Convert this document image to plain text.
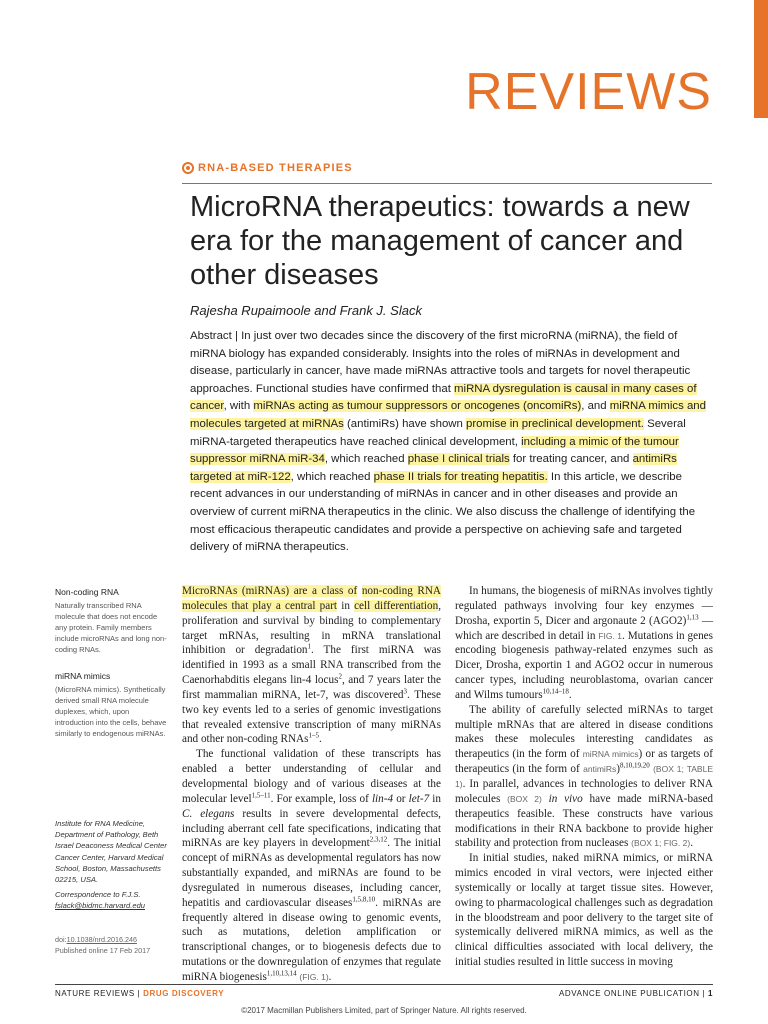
REVIEWS
RNA-BASED THERAPIES
MicroRNA therapeutics: towards a new era for the management of cancer and other diseases
Rajesha Rupaimoole and Frank J. Slack
Abstract | In just over two decades since the discovery of the first microRNA (miRNA), the field of miRNA biology has expanded considerably. Insights into the roles of miRNAs in development and disease, particularly in cancer, have made miRNAs attractive tools and targets for novel therapeutic approaches. Functional studies have confirmed that miRNA dysregulation is causal in many cases of cancer, with miRNAs acting as tumour suppressors or oncogenes (oncomiRs), and miRNA mimics and molecules targeted at miRNAs (antimiRs) have shown promise in preclinical development. Several miRNA-targeted therapeutics have reached clinical development, including a mimic of the tumour suppressor miRNA miR-34, which reached phase I clinical trials for treating cancer, and antimiRs targeted at miR-122, which reached phase II trials for treating hepatitis. In this article, we describe recent advances in our understanding of miRNAs in cancer and in other diseases and provide an overview of current miRNA therapeutics in the clinic. We also discuss the challenge of identifying the most efficacious therapeutic candidates and provide a perspective on achieving safe and targeted delivery of miRNA therapeutics.
Non-coding RNA
Naturally transcribed RNA molecule that does not encode any protein. Family members include microRNAs and long non-coding RNAs.
miRNA mimics
(MicroRNA mimics). Synthetically derived small RNA molecule duplexes, which, upon introduction into the cells, behave similarly to endogenous miRNAs.
Institute for RNA Medicine, Department of Pathology, Beth Israel Deaconess Medical Center Cancer Center, Harvard Medical School, Boston, Massachusetts 02215, USA.
Correspondence to F.J.S.
fslack@bidmc.harvard.edu
doi:10.1038/nrd.2016.246
Published online 17 Feb 2017

MicroRNAs (miRNAs) are a class of non-coding RNA molecules that play a central part in cell differentiation, proliferation and survival by binding to complementary target mRNAs, resulting in mRNA translational inhibition or degradation$^1$. The first miRNA was identified in 1993 as a small RNA transcribed from the Caenorhabditis elegans lin-4 locus$^2$, and 7 years later the first mammalian miRNA, let-7, was discovered$^3$. These two key events led to a series of genomic investigations that revealed extensive transcription of many miRNAs and other non-coding RNAs$^{1-5}$.

The functional validation of these transcripts has enabled a better understanding of cellular and developmental biology and of various diseases at the molecular level$^{1,5-11}$. For example, loss of lin-4 or let-7 in C. elegans results in severe developmental defects, including aberrant cell fate specifications, indicating that miRNAs are key players in development$^{2,3,12}$. The initial concept of miRNAs as developmental regulators has now substantially expanded, and miRNAs are found to be dysregulated in numerous diseases, including cancer, hepatitis and cardiovascular diseases$^{1,5,8,10}$. miRNAs are frequently altered in disease owing to genomic events, such as mutations, deletion amplification or transcriptional changes, or to biogenesis defects due to mutations or the downregulation of enzymes that regulate miRNA biogenesis$^{1,10,13,14}$ (FIG. 1).

In humans, the biogenesis of miRNAs involves tightly regulated pathways involving four key enzymes — Drosha, exportin 5, Dicer and argonaute 2 $(AGO2)^{1,13}$ — which are described in detail in FIG. 1. Mutations in genes encoding biogenesis pathway-related enzymes such as Dicer, Drosha, exportin 1 and AGO2 occur in numerous cancer types, including neuroblastoma, ovarian cancer and Wilms tumours$^{10,14-18}$.

The ability of carefully selected miRNAs to target multiple mRNAs that are altered in disease conditions makes these molecules interesting candidates as therapeutics (in the form of miRNA mimics) or as targets of therapeutics (in the form of antimiRs)$^{8,10,19,20}$ (BOX 1; TABLE 1). In parallel, advances in technologies to deliver RNA molecules (BOX 2) in vivo have made miRNA-based therapeutics feasible. These constructs have various modifications in their RNA backbone to provide higher stability and protection from nucleases (BOX 1; FIG. 2).

In initial studies, naked miRNA mimics, or miRNA mimics encoded in viral vectors, were injected either systemically or locally at target tissue sites. However, owing to pharmacological challenges such as degradation in the bloodstream and poor delivery to the target site of systemically delivered miRNA mimics, as well as the clinical difficulties associated with local delivery, the initial studies resulted in little success in moving

NATURE REVIEWS | DRUG DISCOVERY	ADVANCE ONLINE PUBLICATION | 1
©2017 Macmillan Publishers Limited, part of Springer Nature. All rights reserved.
